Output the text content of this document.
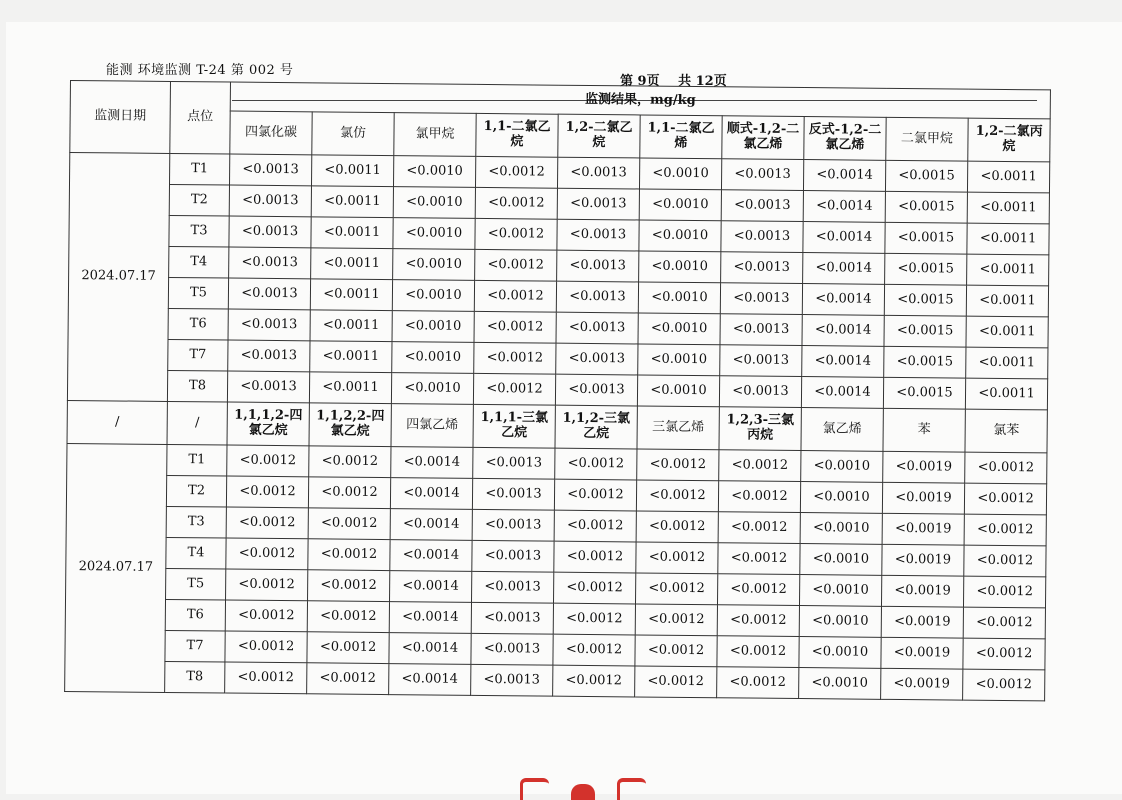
能测 环境监测 T-24 第 002 号
第 9页 共 12页
监测日期	点位	监测结果，mg/kg									
		四氯化碳	氯仿	氯甲烷	1,1-二氯乙烷	1,2-二氯乙烷	1,1-二氯乙烯	顺式-1,2-二氯乙烯	反式-1,2-二氯乙烯	二氯甲烷	1,2-二氯丙烷
2024.07.17	T1	<0.0013	<0.0011	<0.0010	<0.0012	<0.0013	<0.0010	<0.0013	<0.0014	<0.0015	<0.0011
	T2	<0.0013	<0.0011	<0.0010	<0.0012	<0.0013	<0.0010	<0.0013	<0.0014	<0.0015	<0.0011
	T3	<0.0013	<0.0011	<0.0010	<0.0012	<0.0013	<0.0010	<0.0013	<0.0014	<0.0015	<0.0011
	T4	<0.0013	<0.0011	<0.0010	<0.0012	<0.0013	<0.0010	<0.0013	<0.0014	<0.0015	<0.0011
	T5	<0.0013	<0.0011	<0.0010	<0.0012	<0.0013	<0.0010	<0.0013	<0.0014	<0.0015	<0.0011
	T6	<0.0013	<0.0011	<0.0010	<0.0012	<0.0013	<0.0010	<0.0013	<0.0014	<0.0015	<0.0011
	T7	<0.0013	<0.0011	<0.0010	<0.0012	<0.0013	<0.0010	<0.0013	<0.0014	<0.0015	<0.0011
	T8	<0.0013	<0.0011	<0.0010	<0.0012	<0.0013	<0.0010	<0.0013	<0.0014	<0.0015	<0.0011
/	/	1,1,1,2-四氯乙烷	1,1,2,2-四氯乙烷	四氯乙烯	1,1,1-三氯乙烷	1,1,2-三氯乙烷	三氯乙烯	1,2,3-三氯丙烷	氯乙烯	苯	氯苯
2024.07.17	T1	<0.0012	<0.0012	<0.0014	<0.0013	<0.0012	<0.0012	<0.0012	<0.0010	<0.0019	<0.0012
	T2	<0.0012	<0.0012	<0.0014	<0.0013	<0.0012	<0.0012	<0.0012	<0.0010	<0.0019	<0.0012
	T3	<0.0012	<0.0012	<0.0014	<0.0013	<0.0012	<0.0012	<0.0012	<0.0010	<0.0019	<0.0012
	T4	<0.0012	<0.0012	<0.0014	<0.0013	<0.0012	<0.0012	<0.0012	<0.0010	<0.0019	<0.0012
	T5	<0.0012	<0.0012	<0.0014	<0.0013	<0.0012	<0.0012	<0.0012	<0.0010	<0.0019	<0.0012
	T6	<0.0012	<0.0012	<0.0014	<0.0013	<0.0012	<0.0012	<0.0012	<0.0010	<0.0019	<0.0012
	T7	<0.0012	<0.0012	<0.0014	<0.0013	<0.0012	<0.0012	<0.0012	<0.0010	<0.0019	<0.0012
	T8	<0.0012	<0.0012	<0.0014	<0.0013	<0.0012	<0.0012	<0.0012	<0.0010	<0.0019	<0.0012
